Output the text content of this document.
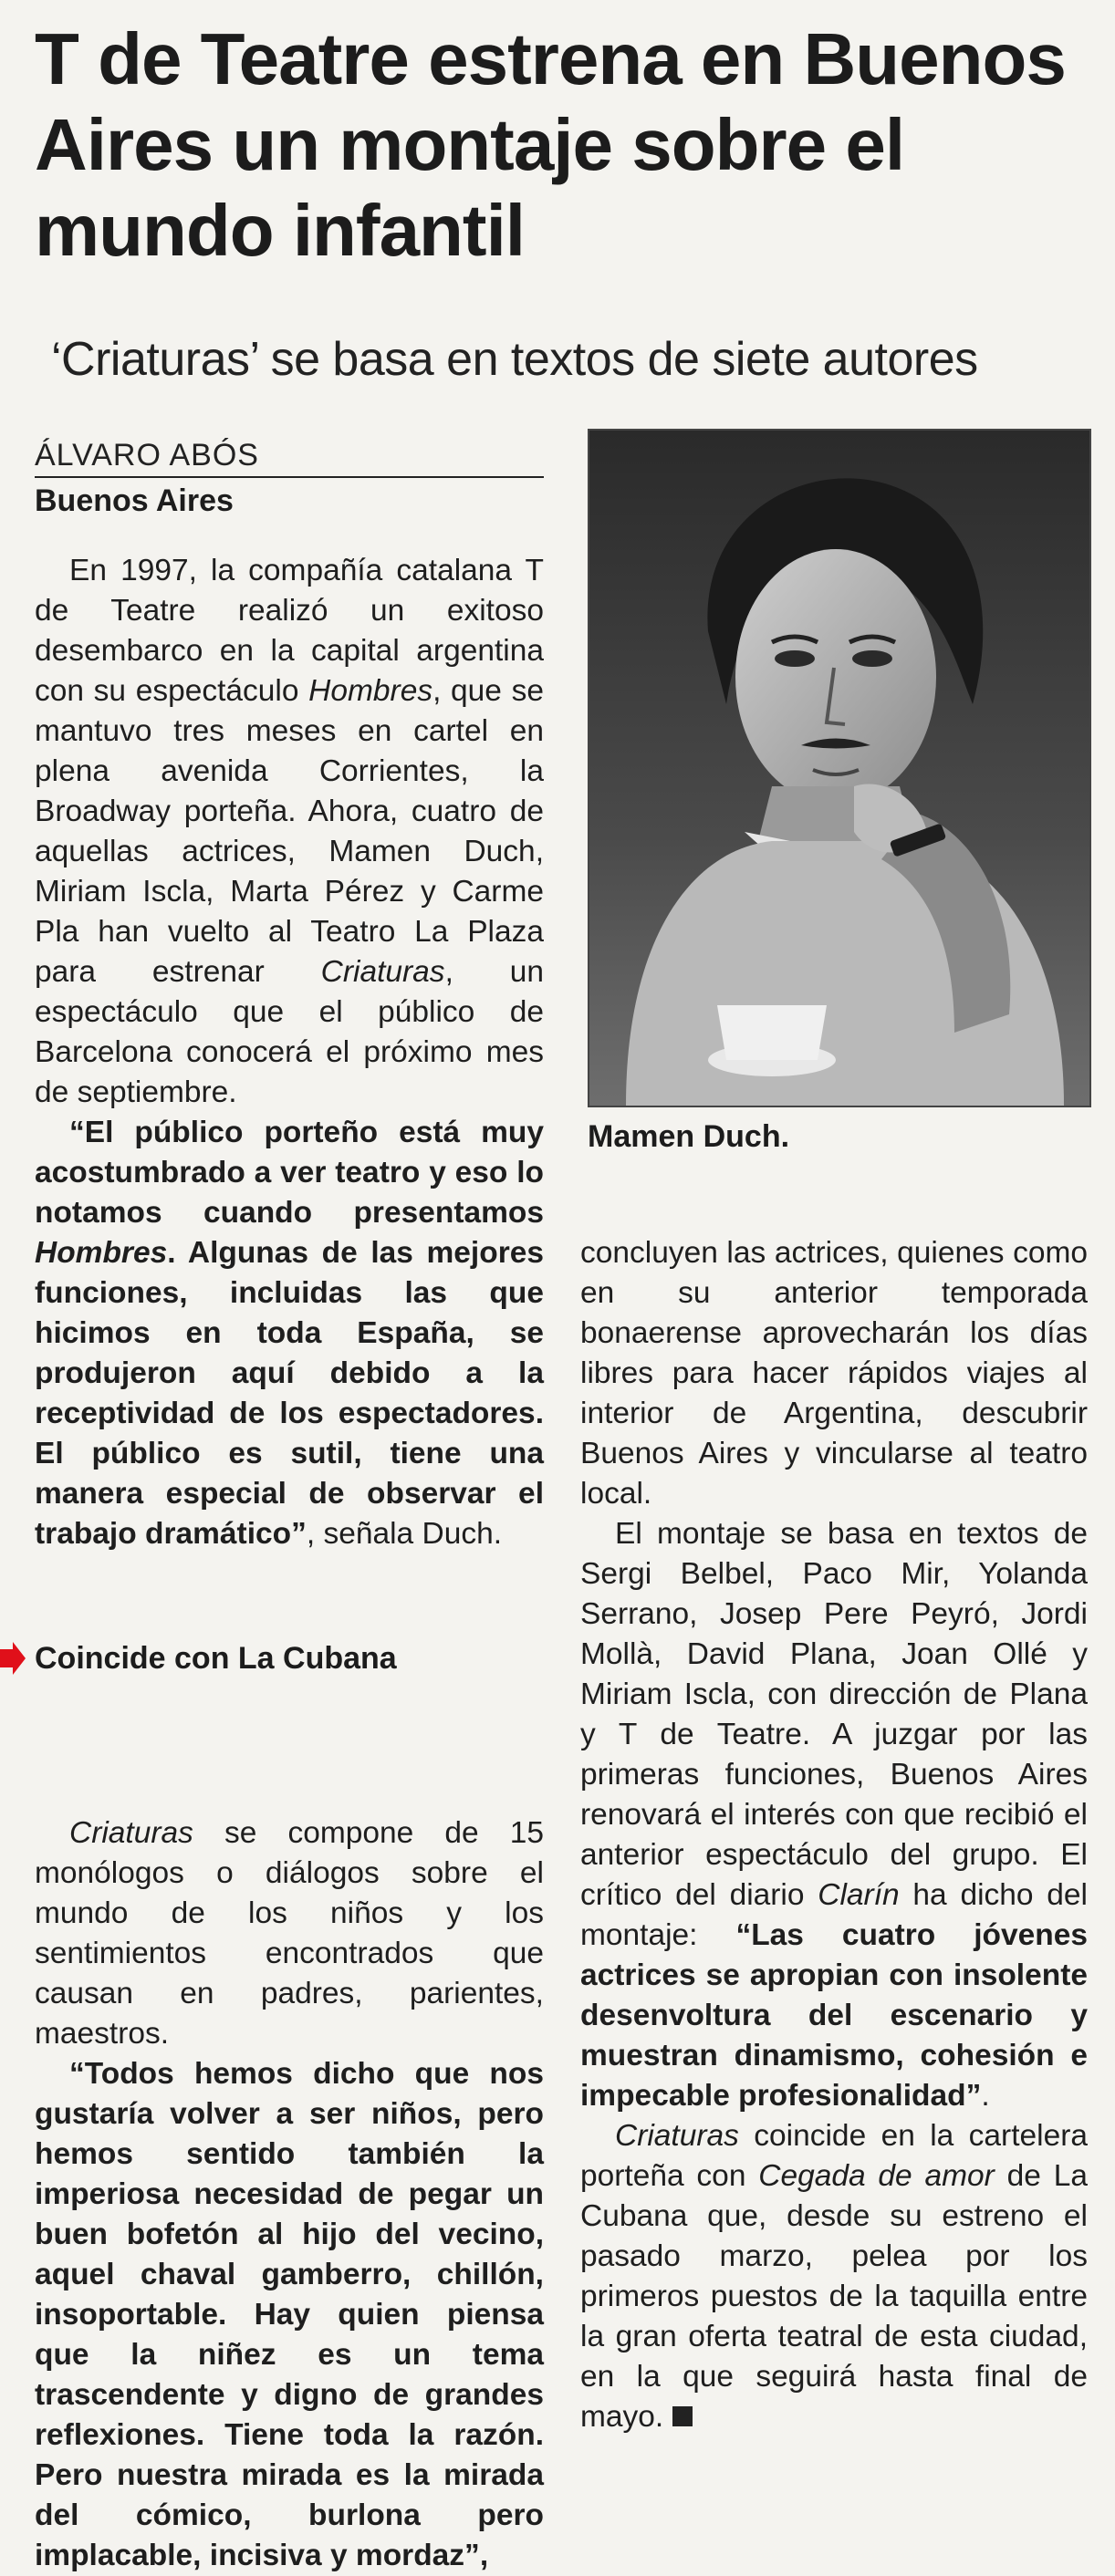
T de Teatre estrena en Buenos Aires un montaje sobre el mundo infantil
‘Criaturas’ se basa en textos de siete autores
ÁLVARO ABÓS
Buenos Aires

En 1997, la compañía catalana T de Teatre realizó un exitoso desembarco en la capital argentina con su espectáculo Hombres, que se mantuvo tres meses en cartel en plena avenida Corrientes, la Broadway porteña. Ahora, cuatro de aquellas actrices, Mamen Duch, Miriam Iscla, Marta Pérez y Carme Pla han vuelto al Teatro La Plaza para estrenar Criaturas, un espectáculo que el público de Barcelona conocerá el próximo mes de septiembre.

“El público porteño está muy acostumbrado a ver teatro y eso lo notamos cuando presentamos Hombres. Algunas de las mejores funciones, incluidas las que hicimos en toda España, se produjeron aquí debido a la receptividad de los espectadores. El público es sutil, tiene una manera especial de observar el trabajo dramático”, señala Duch.

Coincide con La Cubana

Criaturas se compone de 15 monólogos o diálogos sobre el mundo de los niños y los sentimientos encontrados que causan en padres, parientes, maestros.

“Todos hemos dicho que nos gustaría volver a ser niños, pero hemos sentido también la imperiosa necesidad de pegar un buen bofetón al hijo del vecino, aquel chaval gamberro, chillón, insoportable. Hay quien piensa que la niñez es un tema trascendente y digno de grandes reflexiones. Tiene toda la razón. Pero nuestra mirada es la mirada del cómico, burlona pero implacable, incisiva y mordaz”,

Mamen Duch.

concluyen las actrices, quienes como en su anterior temporada bonaerense aprovecharán los días libres para hacer rápidos viajes al interior de Argentina, descubrir Buenos Aires y vincularse al teatro local.

El montaje se basa en textos de Sergi Belbel, Paco Mir, Yolanda Serrano, Josep Pere Peyró, Jordi Mollà, David Plana, Joan Ollé y Miriam Iscla, con dirección de Plana y T de Teatre. A juzgar por las primeras funciones, Buenos Aires renovará el interés con que recibió el anterior espectáculo del grupo. El crítico del diario Clarín ha dicho del montaje: “Las cuatro jóvenes actrices se apropian con insolente desenvoltura del escenario y muestran dinamismo, cohesión e impecable profesionalidad”.

Criaturas coincide en la cartelera porteña con Cegada de amor de La Cubana que, desde su estreno el pasado marzo, pelea por los primeros puestos de la taquilla entre la gran oferta teatral de esta ciudad, en la que seguirá hasta final de mayo.
